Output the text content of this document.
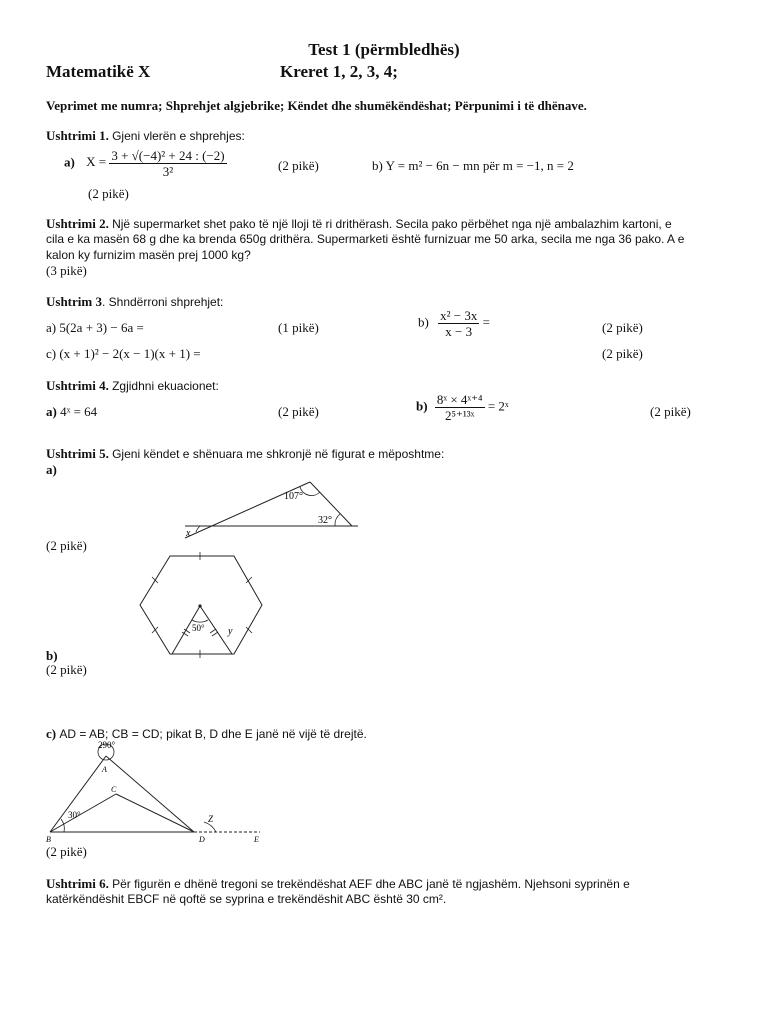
Test 1 (përmbledhës)
Matematikë X	Kreret 1, 2, 3, 4;
Veprimet me numra; Shprehjet algjebrike; Këndet dhe shumëkëndëshat; Përpunimi i të dhënave.
Ushtrimi 1. Gjeni vlerën e shprehjes:
a) $X = \frac{\text{3 + √(−4)² + 24 : (−2)}}{\text{3²}}$	(2 pikë)	b) Y = m² − 6n − mn për m = −1, n = 2
(2 pikë)
Ushtrimi 2. Një supermarket shet pako të një lloji të ri drithërash. Secila pako përbëhet nga një ambalazhim kartoni, e
cila e ka masën 68 g dhe ka brenda 650g drithëra. Supermarketi është furnizuar me 50 arka, secila me nga 36 pako. A e
kalon ky furnizim masën prej 1000 kg?
(3 pikë)
Ushtrim 3. Shndërroni shprehjet:
a) 5(2a + 3) − 6a =	(1 pikë)	$b) \frac{\text{x² − 3x}}{x - 3}$ =	(2 pikë)
c) (x + 1)² − 2(x − 1)(x + 1) =	(2 pikë)
Ushtrimi 4. Zgjidhni ekuacionet:
a) 4ˣ = 64	(2 pikë)	$b) \frac{\text{8ˣ × 4ˣ⁺⁴}}{\text{2⁵⁺¹³ˣ}}$ = 2ˣ	(2 pikë)
Ushtrimi 5. Gjeni këndet e shënuara me shkronjë në figurat e mëposhtme:
a)
107°
32°
x
(2 pikë)
50° y
b)
(2 pikë)
c) AD = AB; CB = CD; pikat B, D dhe E janë në vijë të drejtë.
290°
30°	Z
A
B
C
D	E
(2 pikë)
Ushtrimi 6. Për figurën e dhënë tregoni se trekëndëshat AEF dhe ABC janë të ngjashëm. Njehsoni syprinën e
katërkëndëshit EBCF në qoftë se syprina e trekëndëshit ABC është 30 cm².
